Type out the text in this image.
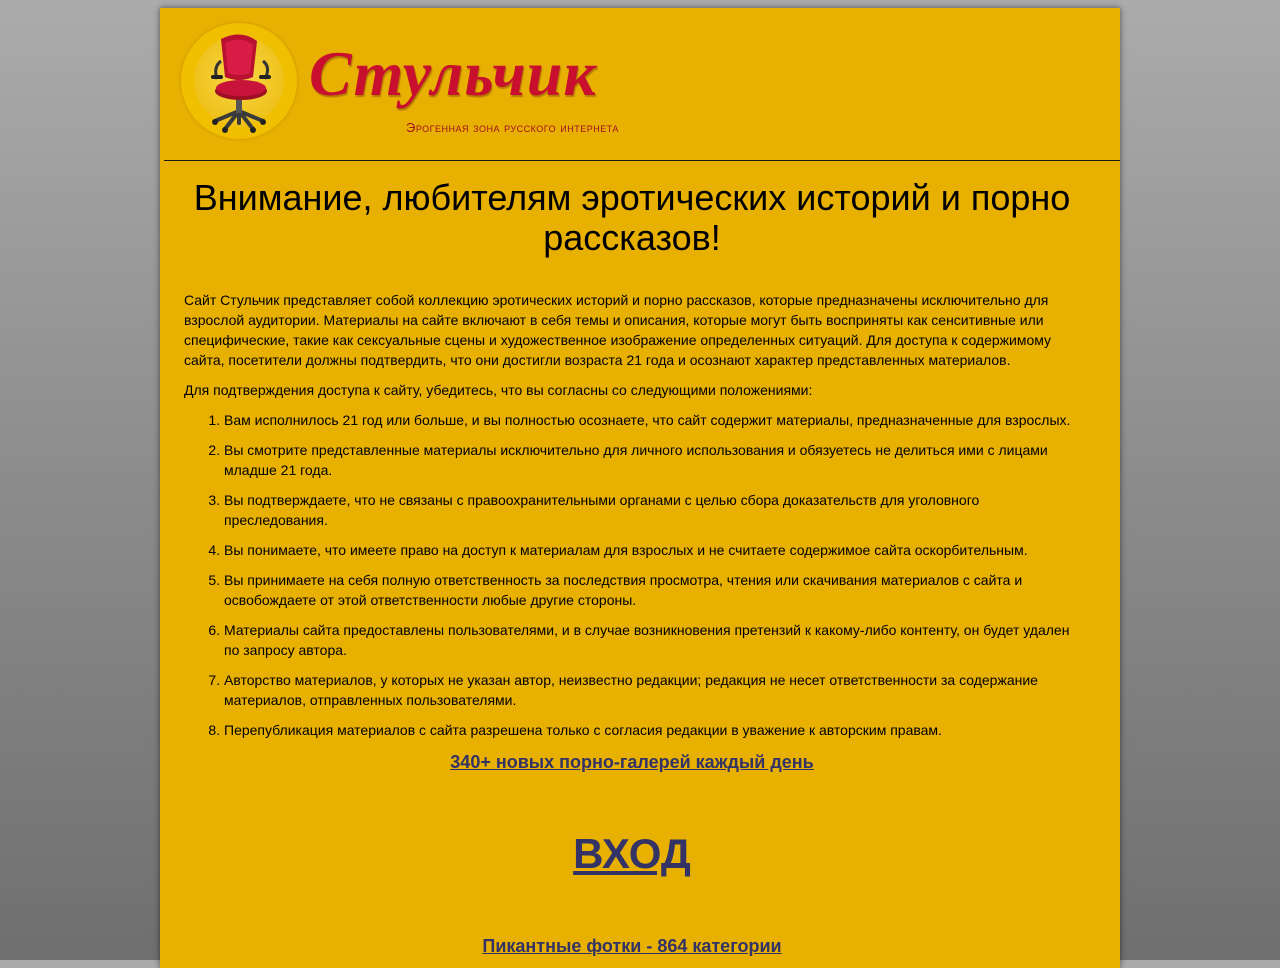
Стульчик
Эрогенная зона русского интернета
Внимание, любителям эротических историй и порно рассказов!

Сайт Стульчик представляет собой коллекцию эротических историй и порно рассказов, которые предназначены исключительно для взрослой аудитории. Материалы на сайте включают в себя темы и описания, которые могут быть восприняты как сенситивные или специфические, такие как сексуальные сцены и художественное изображение определенных ситуаций. Для доступа к содержимому сайта, посетители должны подтвердить, что они достигли возраста 21 года и осознают характер представленных материалов.

Для подтверждения доступа к сайту, убедитесь, что вы согласны со следующими положениями:

1. Вам исполнилось 21 год или больше, и вы полностью осознаете, что сайт содержит материалы, предназначенные для взрослых.
2. Вы смотрите представленные материалы исключительно для личного использования и обязуетесь не делиться ими с лицами младше 21 года.
3. Вы подтверждаете, что не связаны с правоохранительными органами с целью сбора доказательств для уголовного преследования.
4. Вы понимаете, что имеете право на доступ к материалам для взрослых и не считаете содержимое сайта оскорбительным.
5. Вы принимаете на себя полную ответственность за последствия просмотра, чтения или скачивания материалов с сайта и освобождаете от этой ответственности любые другие стороны.
6. Материалы сайта предоставлены пользователями, и в случае возникновения претензий к какому-либо контенту, он будет удален по запросу автора.
7. Авторство материалов, у которых не указан автор, неизвестно редакции; редакция не несет ответственности за содержание материалов, отправленных пользователями.
8. Перепубликация материалов с сайта разрешена только с согласия редакции в уважение к авторским правам.
340+ новых порно-галерей каждый день
ВХОД
Пикантные фотки - 864 категории
